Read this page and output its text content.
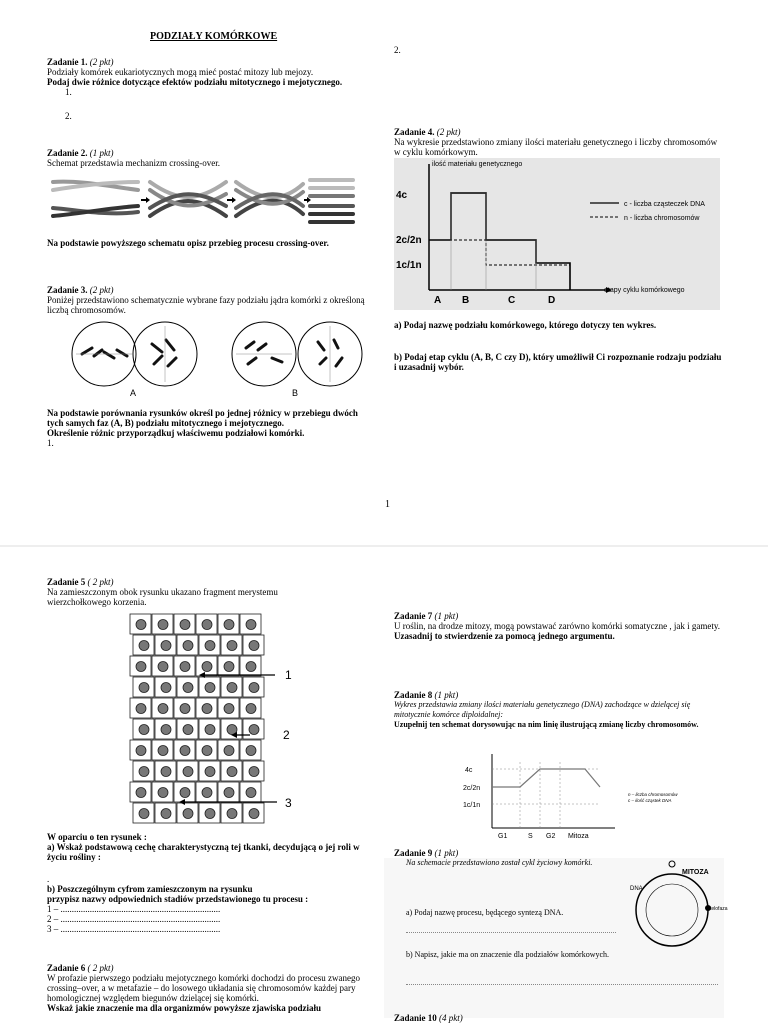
PODZIAŁY KOMÓRKOWE

Zadanie 1. (2 pkt)

Podziały komórek eukariotycznych mogą mieć postać mitozy lub mejozy.

Podaj dwie różnice dotyczące efektów podziału mitotycznego i mejotycznego.

1.

2.

Zadanie 2. (1 pkt)

Schemat przedstawia mechanizm crossing-over.

Na podstawie powyższego schematu opisz przebieg procesu crossing-over.

Zadanie 3. (2 pkt)

Poniżej przedstawiono schematycznie wybrane fazy podziału jądra komórki z określoną liczbą chromosomów.

A	B

Na podstawie porównania rysunków określ po jednej różnicy w przebiegu dwóch tych samych faz (A, B) podziału mitotycznego i mejotycznego.

Określenie różnic przyporządkuj właściwemu podziałowi komórki.

1.

2.

Zadanie 4. (2 pkt)

Na wykresie przedstawiono zmiany ilości materiału genetycznego i liczby chromosomów w cyklu komórkowym.

ilość materiału genetycznego
4c
2c/2n
1c/1n
A B	C	D
etapy cyklu komórkowego
c - liczba cząsteczek DNA
n - liczba chromosomów
a) Podaj nazwę podziału komórkowego, którego dotyczy ten wykres.
b) Podaj etap cyklu (A, B, C czy D), który umożliwił Ci rozpoznanie rodzaju podziału i uzasadnij wybór.
1

Zadanie 5 ( 2 pkt)

Na zamieszczonym obok rysunku ukazano fragment merystemu wierzchołkowego korzenia.

1
2
3

W oparciu o ten rysunek :

a) Wskaż podstawową cechę charakterystyczną tej tkanki, decydującą o jej roli w życiu rośliny :

.

b) Poszczególnym cyfrom zamieszczonym na rysunku

przypisz nazwy odpowiednich stadiów przedstawionego tu procesu :

1 – .......................................................................

2 – .......................................................................

3 – .......................................................................

Zadanie 6 ( 2 pkt)

W profazie pierwszego podziału mejotycznego komórki dochodzi do procesu zwanego crossing–over, a w metafazie – do losowego układania się chromosomów każdej pary homologicznej względem biegunów dzielącej się komórki.

Wskaż jakie znaczenie ma dla organizmów powyższe zjawiska podziału

Zadanie 7 (1 pkt)

U roślin, na drodze mitozy, mogą powstawać zarówno komórki somatyczne , jak i gamety.

Uzasadnij to stwierdzenie za pomocą jednego argumentu.

Zadanie 8 (1 pkt)

Wykres przedstawia zmiany ilości materiału genetycznego (DNA) zachodzące w dzielącej się mitotycznie komórce diploidalnej:

Uzupełnij ten schemat dorysowując na nim linię ilustrującą zmianę liczby chromosomów.

4c
2c/2n
1c/1n
G1	S G2 Mitoza
n – liczba chromosomów
c – ilość cząstek DNA

Zadanie 9 (1 pkt)

Na schemacie przedstawiono został cykl życiowy komórki.

a) Podaj nazwę procesu, będącego syntezą DNA.

b) Napisz, jakie ma on znaczenie dla podziałów komórkowych.

MITOZA
DNA
telofaza

Zadanie 10 (4 pkt)
